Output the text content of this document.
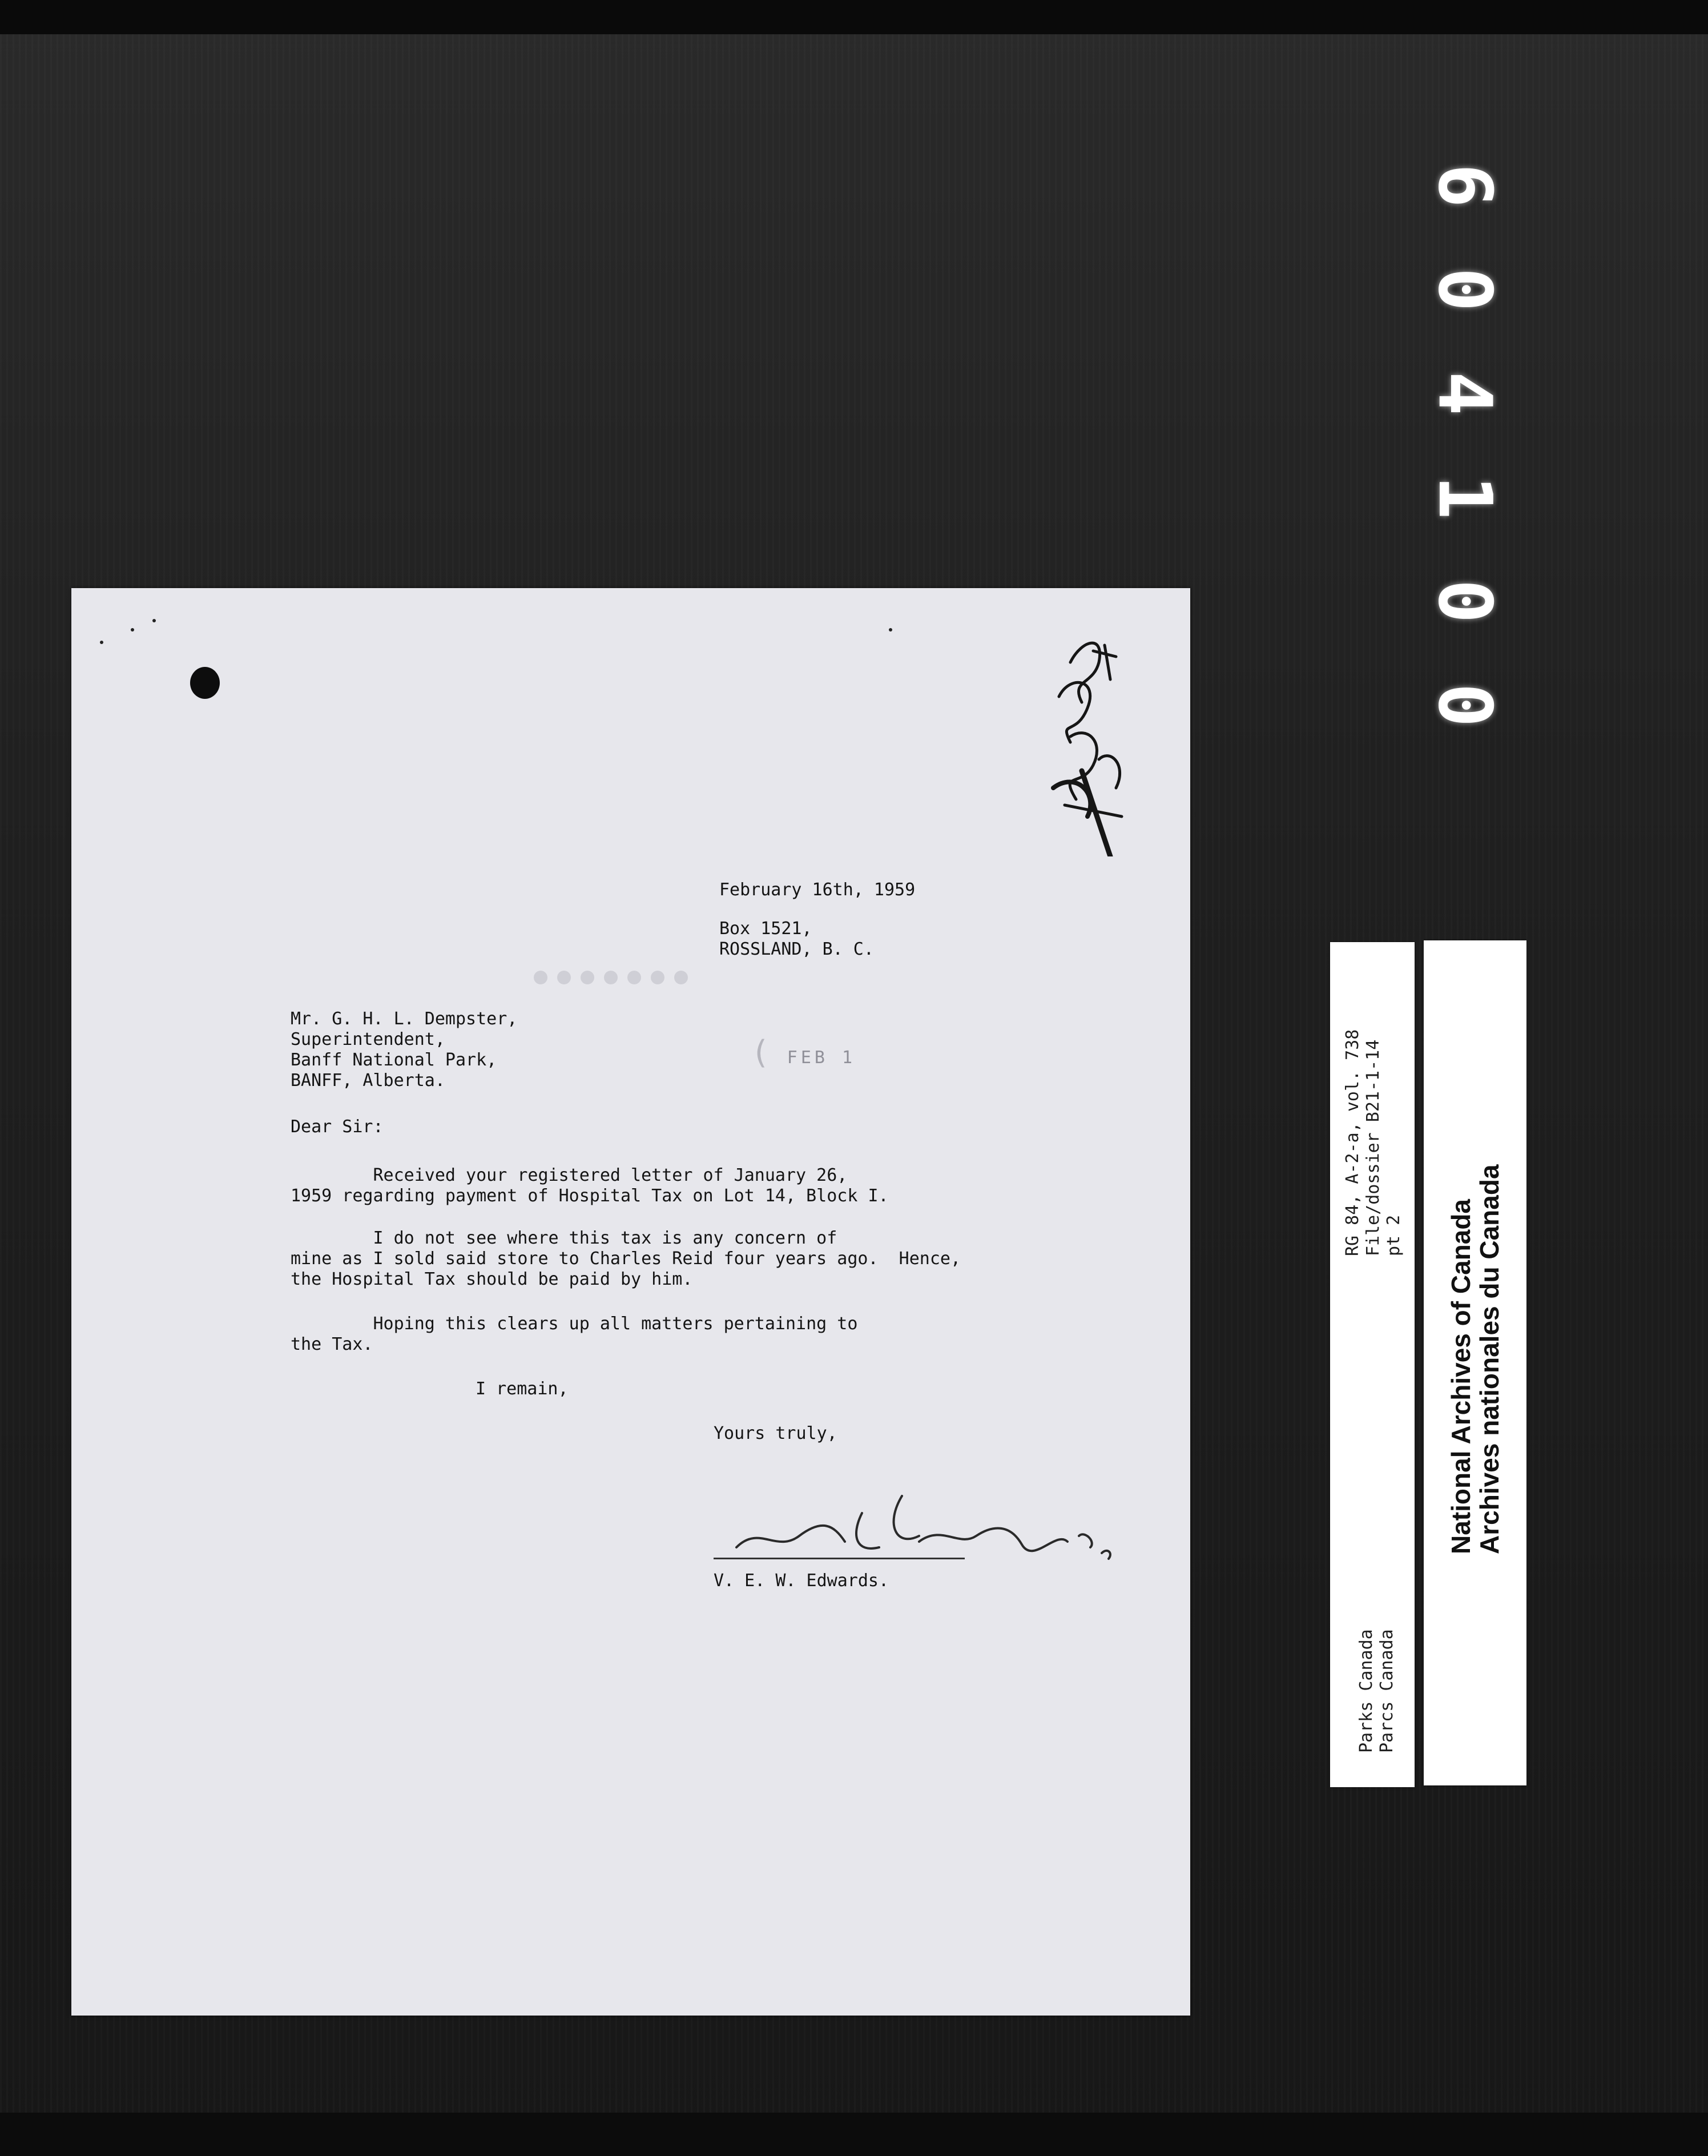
6
0
4
1
0
0
February 16th, 1959
Box 1521,
ROSSLAND, B. C.
Mr. G. H. L. Dempster,
Superintendent,
Banff National Park,
BANFF, Alberta.
( FEB 1
Dear Sir:
Received your registered letter of January 26,
1959 regarding payment of Hospital Tax on Lot 14, Block I.
I do not see where this tax is any concern of
mine as I sold said store to Charles Reid four years ago.  Hence,
the Hospital Tax should be paid by him.
Hoping this clears up all matters pertaining to
the Tax.
I remain,
Yours truly,
V. E. W. Edwards.
RG 84, A-2-a, vol. 738 File/dossier B21-1-14 pt 2
Parks Canada Parcs Canada
National Archives of Canada
Archives nationales du Canada
